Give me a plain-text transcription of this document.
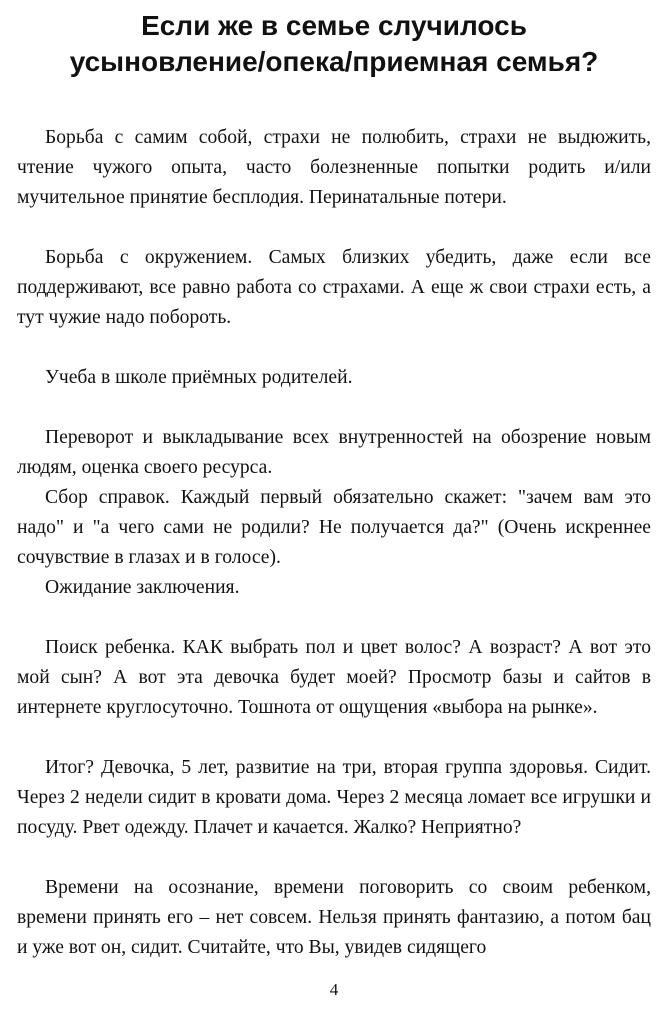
Если же в семье случилось
усыновление/опека/приемная семья?

Борьба с самим собой, страхи не полюбить, страхи не выдюжить, чтение чужого опыта, часто болезненные попытки родить и/или мучительное принятие бесплодия. Перинатальные потери.

Борьба с окружением. Самых близких убедить, даже если все поддерживают, все равно работа со страхами. А еще ж свои страхи есть, а тут чужие надо побороть.

Учеба в школе приёмных родителей.

Переворот и выкладывание всех внутренностей на обозрение новым людям, оценка своего ресурса.

Сбор справок. Каждый первый обязательно скажет: "зачем вам это надо" и "а чего сами не родили? Не получается да?" (Очень искреннее сочувствие в глазах и в голосе).

Ожидание заключения.

Поиск ребенка. КАК выбрать пол и цвет волос? А возраст? А вот это мой сын? А вот эта девочка будет моей? Просмотр базы и сайтов в интернете круглосуточно. Тошнота от ощущения «выбора на рынке».

Итог? Девочка, 5 лет, развитие на три, вторая группа здоровья. Сидит. Через 2 недели сидит в кровати дома. Через 2 месяца ломает все игрушки и посуду. Рвет одежду. Плачет и качается. Жалко? Неприятно?

Времени на осознание, времени поговорить со своим ребенком, времени принять его – нет совсем. Нельзя принять фантазию, а потом бац и уже вот он, сидит. Считайте, что Вы, увидев сидящего

4
